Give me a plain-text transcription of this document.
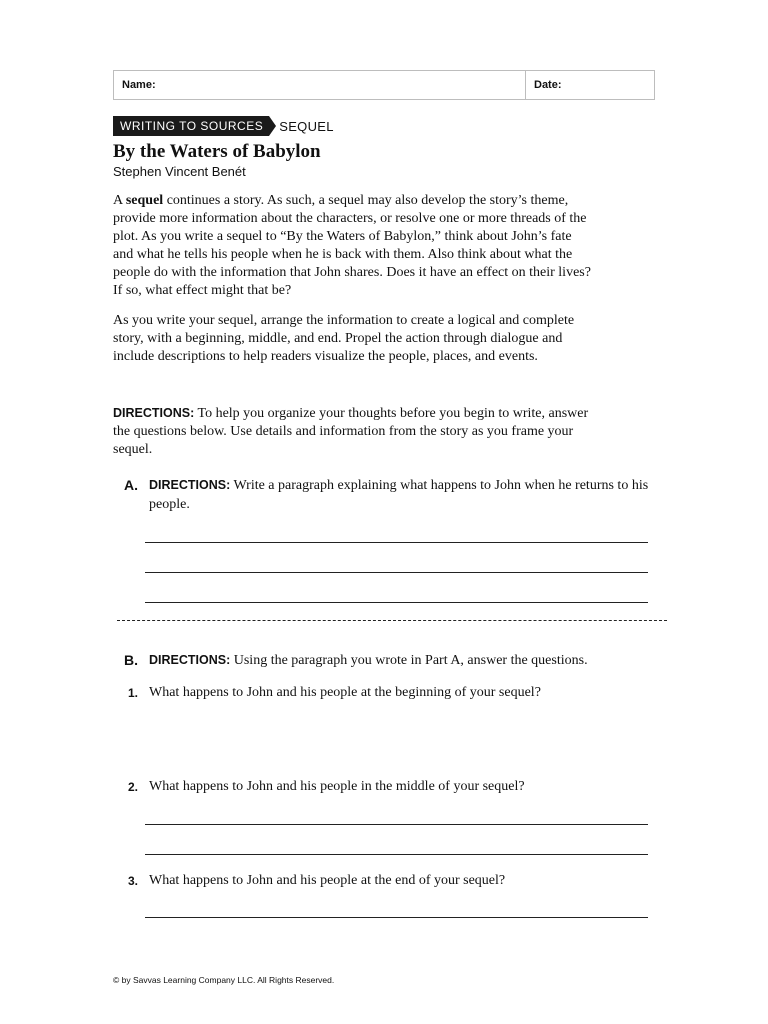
Name:	Date:
WRITING TO SOURCES	SEQUEL
By the Waters of Babylon
Stephen Vincent Benét
A sequel continues a story. As such, a sequel may also develop the story’s theme, provide more information about the characters, or resolve one or more threads of the plot. As you write a sequel to “By the Waters of Babylon,” think about John’s fate and what he tells his people when he is back with them. Also think about what the people do with the information that John shares. Does it have an effect on their lives? If so, what effect might that be?
As you write your sequel, arrange the information to create a logical and complete story, with a beginning, middle, and end. Propel the action through dialogue and include descriptions to help readers visualize the people, places, and events.
DIRECTIONS: To help you organize your thoughts before you begin to write, answer the questions below. Use details and information from the story as you frame your sequel.
A. DIRECTIONS: Write a paragraph explaining what happens to John when he returns to his people.
B. DIRECTIONS: Using the paragraph you wrote in Part A, answer the questions.
1. What happens to John and his people at the beginning of your sequel?
2. What happens to John and his people in the middle of your sequel?
3. What happens to John and his people at the end of your sequel?
© by Savvas Learning Company LLC. All Rights Reserved.
